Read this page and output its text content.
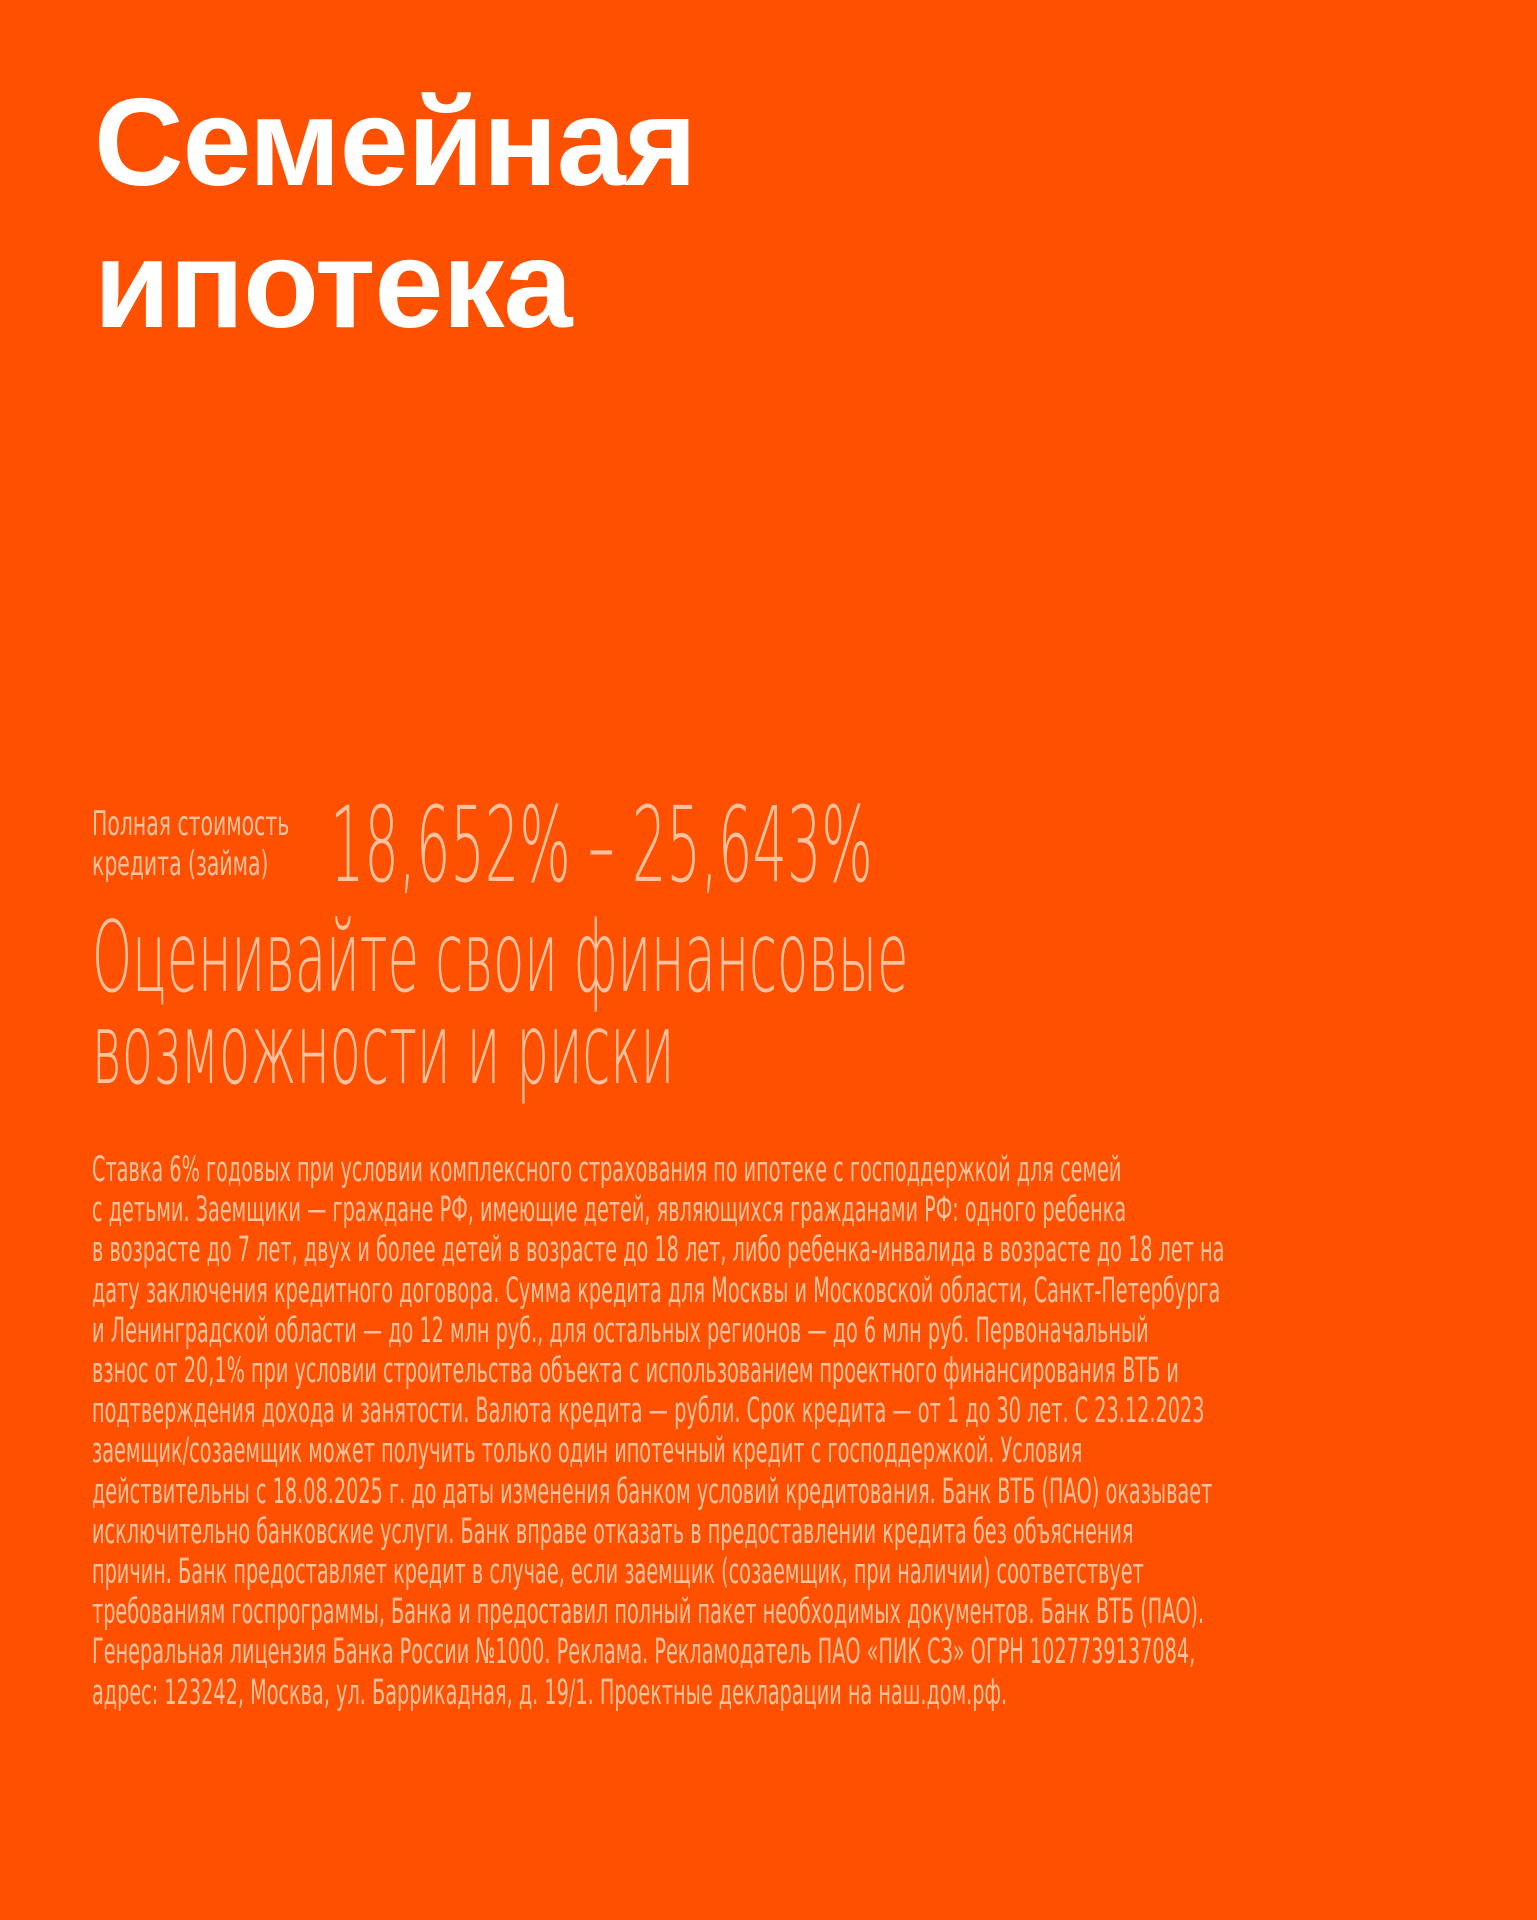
Семейная
ипотека
Полная стоимость
кредита (займа) 18,652% – 25,643%
Оценивайте свои финансовые
возможности и риски

Ставка 6% годовых при условии комплексного страхования по ипотеке с господдержкой для семей
с детьми. Заемщики — граждане РФ, имеющие детей, являющихся гражданами РФ: одного ребенка
в возрасте до 7 лет, двух и более детей в возрасте до 18 лет, либо ребенка-инвалида в возрасте до 18 лет на
дату заключения кредитного договора. Сумма кредита для Москвы и Московской области, Санкт-Петербурга
и Ленинградской области — до 12 млн руб., для остальных регионов — до 6 млн руб. Первоначальный
взнос от 20,1% при условии строительства объекта с использованием проектного финансирования ВТБ и
подтверждения дохода и занятости. Валюта кредита — рубли. Срок кредита — от 1 до 30 лет. С 23.12.2023
заемщик/созаемщик может получить только один ипотечный кредит с господдержкой. Условия
действительны с 18.08.2025 г. до даты изменения банком условий кредитования. Банк ВТБ (ПАО) оказывает
исключительно банковские услуги. Банк вправе отказать в предоставлении кредита без объяснения
причин. Банк предоставляет кредит в случае, если заемщик (созаемщик, при наличии) соответствует
требованиям госпрограммы, Банка и предоставил полный пакет необходимых документов. Банк ВТБ (ПАО).
Генеральная лицензия Банка России №1000. Реклама. Рекламодатель ПАО «ПИК СЗ» ОГРН 1027739137084,
адрес: 123242, Москва, ул. Баррикадная, д. 19/1. Проектные декларации на наш.дом.рф.
